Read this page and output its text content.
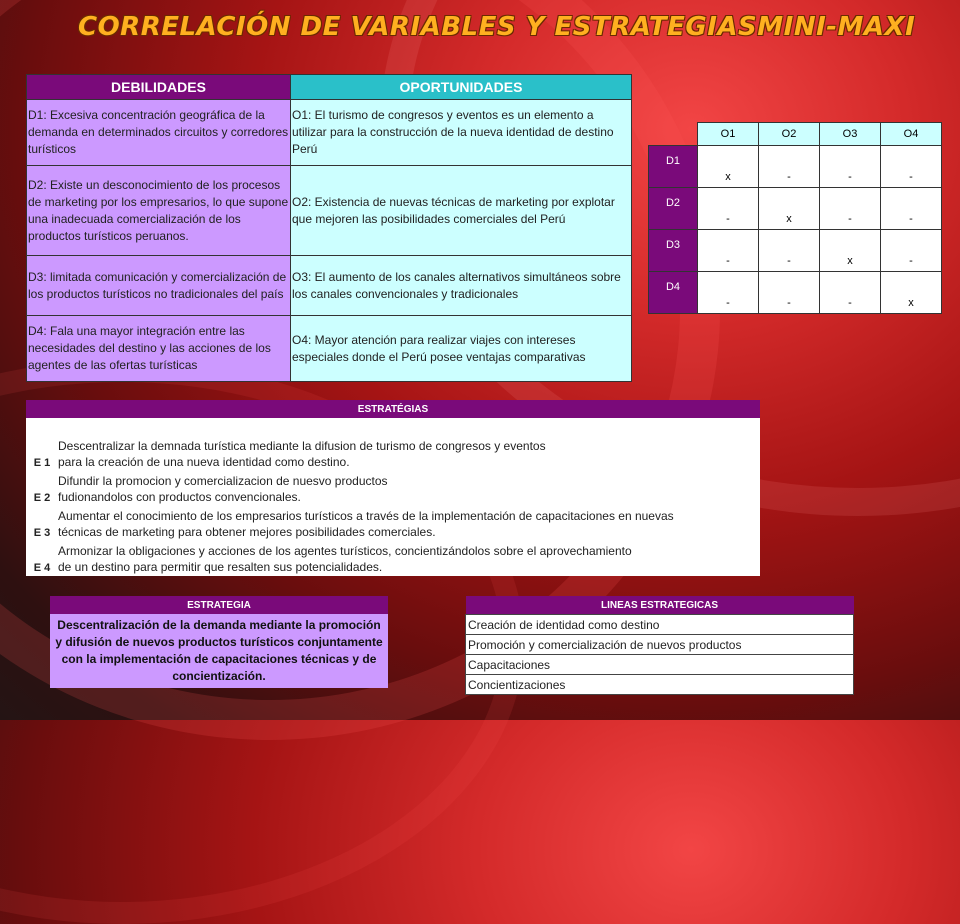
CORRELACIÓN DE VARIABLES Y ESTRATEGIASMINI-MAXI
DEBILIDADES	OPORTUNIDADES
D1: Excesiva concentración geográfica de la demanda en determinados circuitos y corredores turísticos	O1: El turismo de congresos y eventos es un elemento a utilizar para la construcción de la nueva identidad de destino Perú
D2: Existe un desconocimiento de los procesos de marketing por los empresarios, lo que supone una inadecuada comercialización de los productos turísticos peruanos.	O2: Existencia de nuevas técnicas de marketing por explotar que mejoren las posibilidades comerciales del Perú
D3: limitada comunicación y comercialización de los productos turísticos no tradicionales del país	O3: El aumento de los canales alternativos simultáneos sobre los canales convencionales y tradicionales
D4: Fala una mayor integración entre las necesidades del destino y las acciones de los agentes de las ofertas turísticas	O4: Mayor atención para realizar viajes con intereses especiales donde el Perú posee ventajas comparativas
	O1	O2	O3	O4
D1	x	-	-	-
D2	-	x	-	-
D3	-	-	x	-
D4	-	-	-	x
ESTRATÉGIAS	
E 1	Descentralizar la demnada turística mediante la difusion de turismo de congresos y eventos
para la creación de una nueva identidad como destino.

E 2	Difundir la promocion y comercializacion de nuesvo productos
fudionandolos con productos convencionales.

E 3	Aumentar el conocimiento de los empresarios turísticos a través de la implementación de capacitaciones en nuevas
técnicas de marketing para obtener mejores posibilidades comerciales.

E 4	Armonizar la obligaciones y acciones de los agentes turísticos, concientizándolos sobre el aprovechamiento
de un destino para permitir que resalten sus potencialidades.
ESTRATEGIA
Descentralización de la demanda mediante la promoción y difusión de nuevos productos turísticos conjuntamente con la implementación de capacitaciones técnicas y de concientización.
LINEAS ESTRATEGICAS
Creación de identidad como destino
Promoción y comercialización de nuevos productos
Capacitaciones
Concientizaciones
